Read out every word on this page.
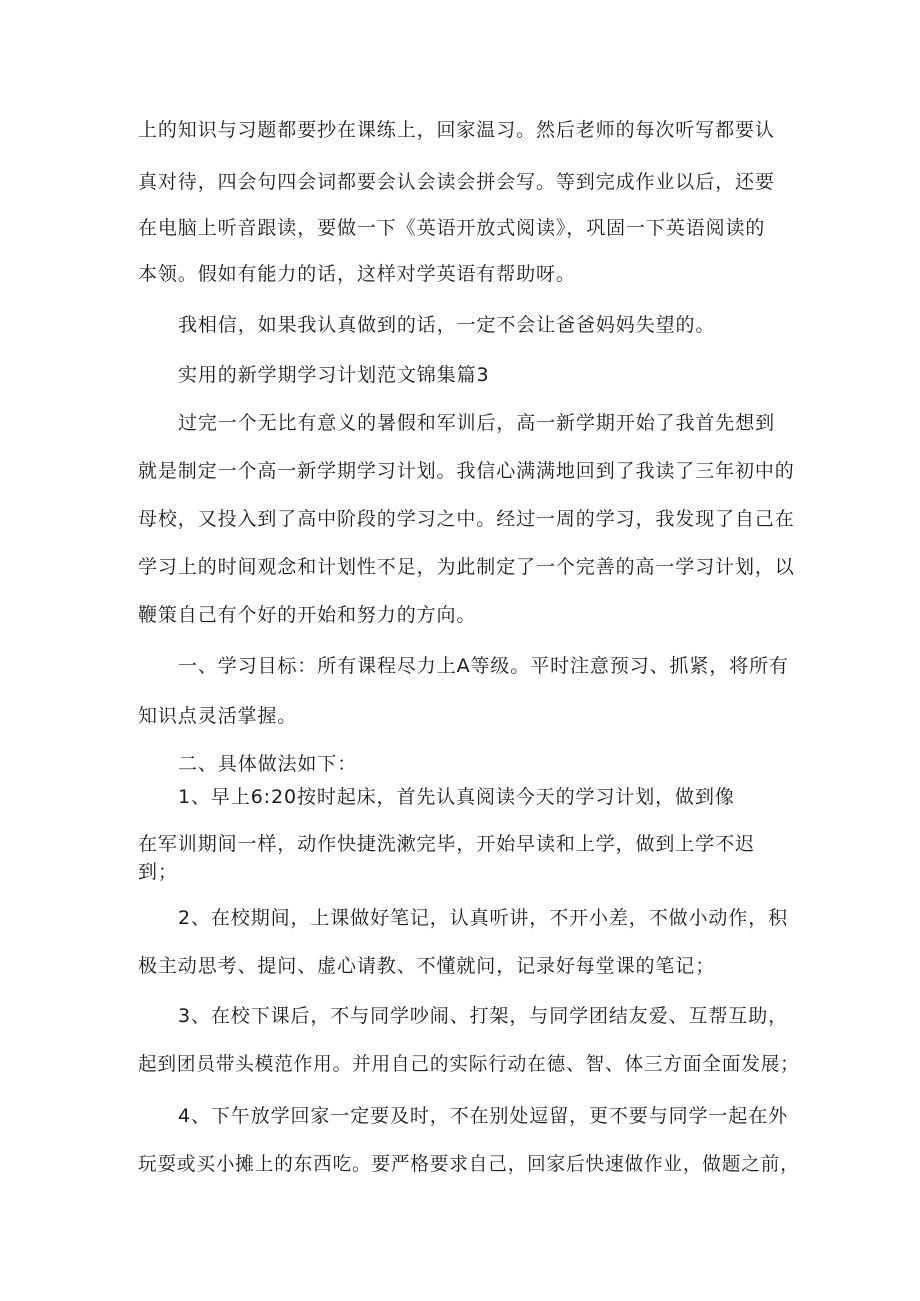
上的知识与习题都要抄在课练上，回家温习。然后老师的每次听写都要认
真对待，四会句四会词都要会认会读会拼会写。等到完成作业以后，还要
在电脑上听音跟读，要做一下《英语开放式阅读》，巩固一下英语阅读的
本领。假如有能力的话，这样对学英语有帮助呀。
我相信，如果我认真做到的话，一定不会让爸爸妈妈失望的。
实用的新学期学习计划范文锦集篇3
过完一个无比有意义的暑假和军训后，高一新学期开始了我首先想到
就是制定一个高一新学期学习计划。我信心满满地回到了我读了三年初中的
母校，又投入到了高中阶段的学习之中。经过一周的学习，我发现了自己在
学习上的时间观念和计划性不足，为此制定了一个完善的高一学习计划，以
鞭策自己有个好的开始和努力的方向。
一、学习目标：所有课程尽力上A等级。平时注意预习、抓紧，将所有
知识点灵活掌握。
二、具体做法如下：
1、早上6:20按时起床，首先认真阅读今天的学习计划，做到像
在军训期间一样，动作快捷洗漱完毕，开始早读和上学，做到上学不迟
到；
2、在校期间，上课做好笔记，认真听讲，不开小差，不做小动作，积
极主动思考、提问、虚心请教、不懂就问，记录好每堂课的笔记；
3、在校下课后，不与同学吵闹、打架，与同学团结友爱、互帮互助，
起到团员带头模范作用。并用自己的实际行动在德、智、体三方面全面发展；
4、下午放学回家一定要及时，不在别处逗留，更不要与同学一起在外
玩耍或买小摊上的东西吃。要严格要求自己，回家后快速做作业，做题之前，
